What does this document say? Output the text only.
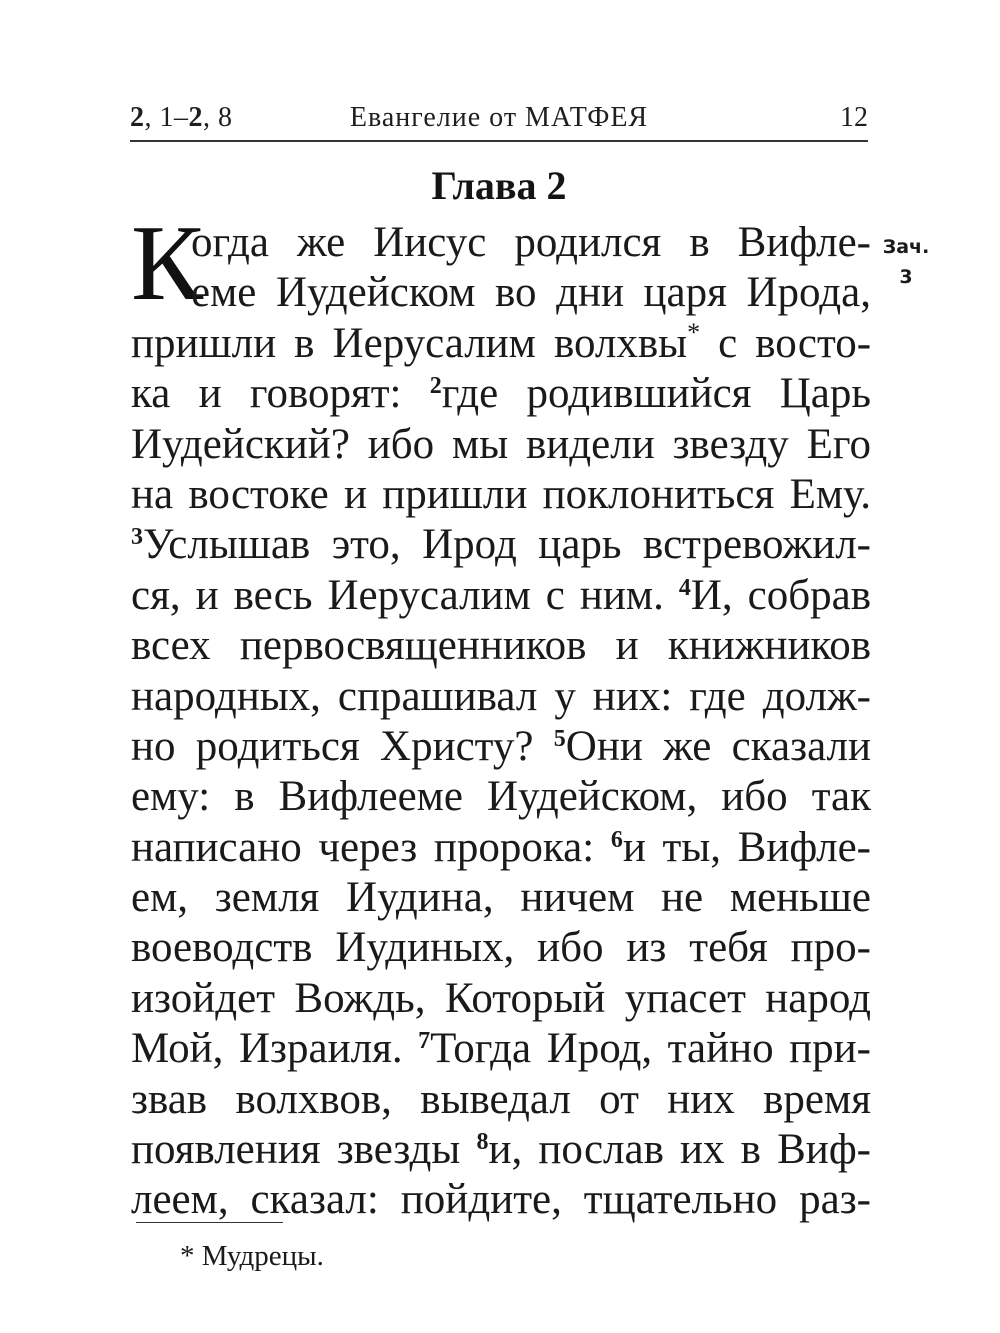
2, 1–2, 8	Евангелие от МАТФЕЯ	12
Глава 2
Зач.
3
К
огда же Иисус родился в Вифле-
еме Иудейском во дни царя Ирода,
пришли в Иерусалим волхвы* с восто-
ка и говорят: $^2$где родившийся Царь
Иудейский? ибо мы видели звезду Его
на востоке и пришли поклониться Ему.
$^3$Услышав это, Ирод царь встревожил-
ся, и весь Иерусалим с ним. $^4$И, собрав
всех первосвященников и книжников
народных, спрашивал у них: где долж-
но родиться Христу? $^5$Они же сказали
ему: в Вифлееме Иудейском, ибо так
написано через пророка: $^6$и ты, Вифле-
ем, земля Иудина, ничем не меньше
воеводств Иудиных, ибо из тебя про-
изойдет Вождь, Который упасет народ
Мой, Израиля. $^7$Тогда Ирод, тайно при-
звав волхвов, выведал от них время
появления звезды $^8$и, послав их в Виф-
леем, сказал: пойдите, тщательно раз-
* Мудрецы.
